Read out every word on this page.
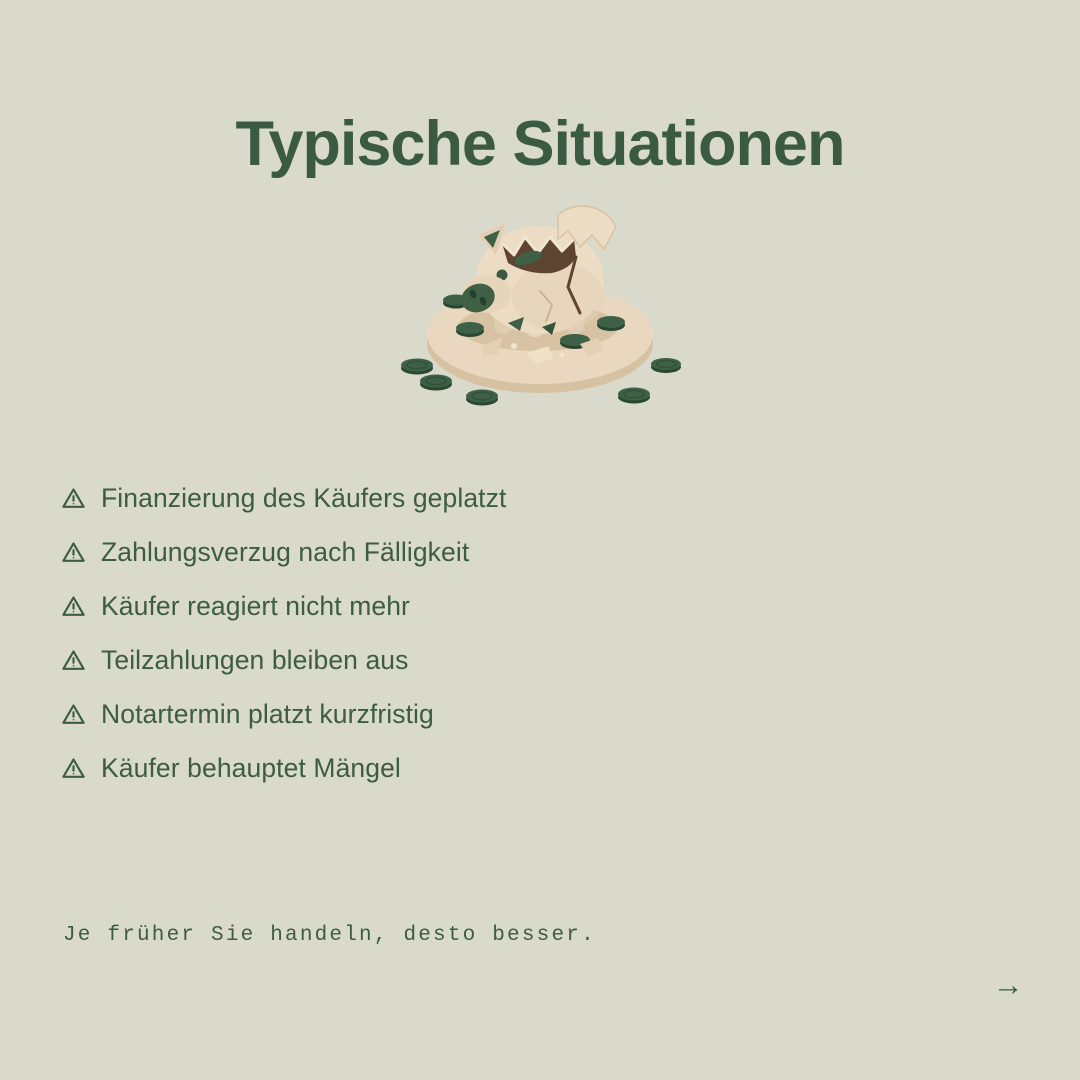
Typische Situationen
Finanzierung des Käufers geplatzt
Zahlungsverzug nach Fälligkeit
Käufer reagiert nicht mehr
Teilzahlungen bleiben aus
Notartermin platzt kurzfristig
Käufer behauptet Mängel
Je früher Sie handeln, desto besser.
→
